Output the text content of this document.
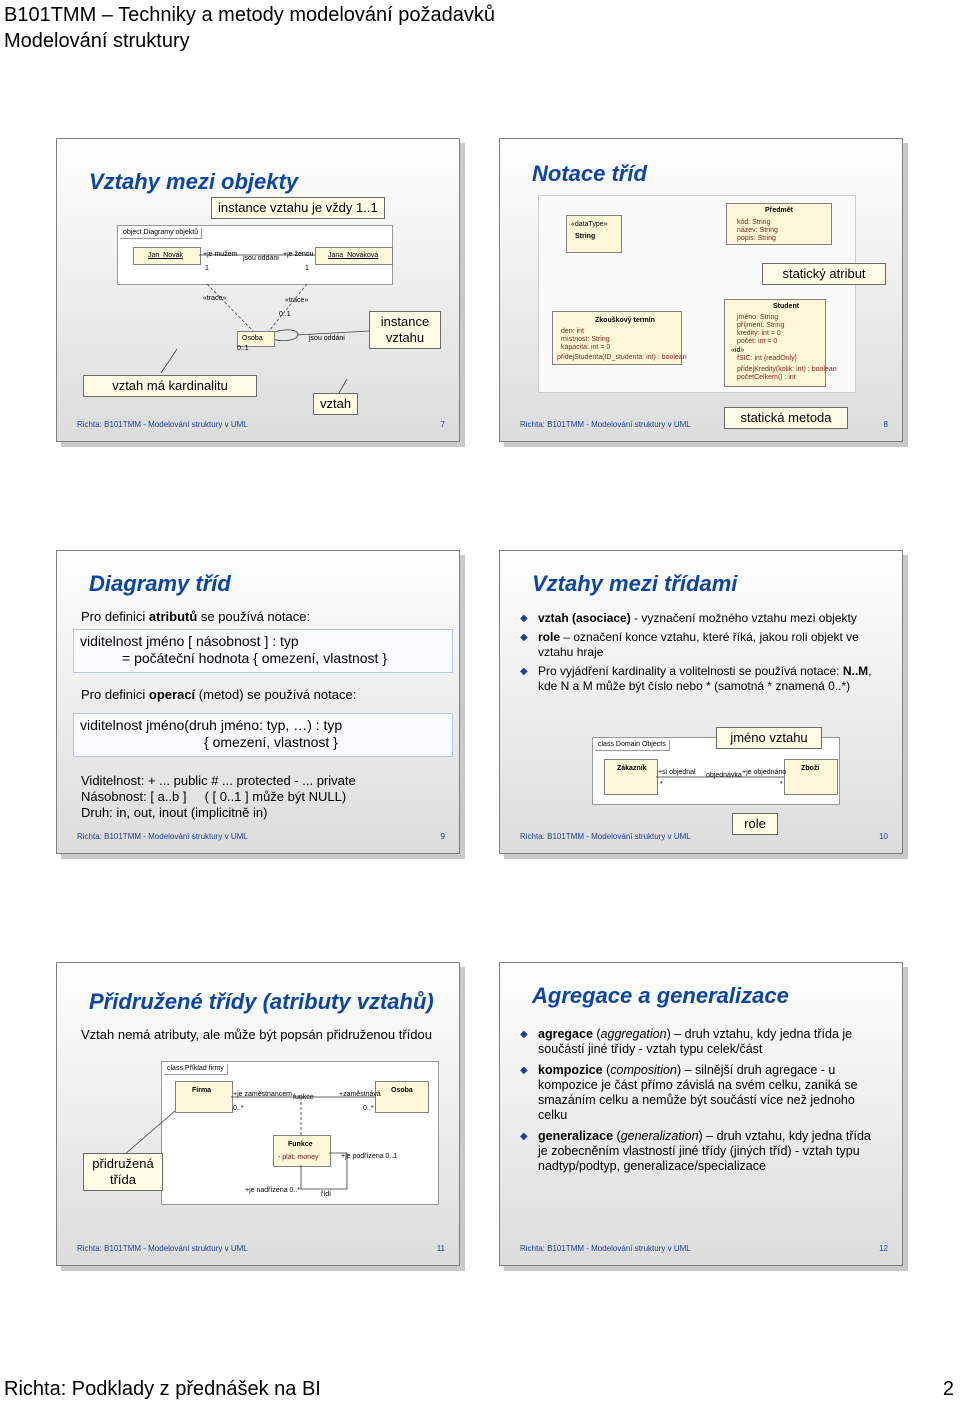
B101TMM – Techniky a metody modelování požadavků
Modelování struktury
Vztahy mezi objekty
instance vztahu je vždy 1..1
object Diagramy objektů
Jan_Novák	Jana_Nováková
+je mužem
jsou oddáni
+je ženou
1	1
«trace»	«trace»
Osoba
0..1
0..1
jsou oddáni
instance vztahu
vztah má kardinalitu
vztah
Richta: B101TMM - Modelování struktury v UML	7
Notace tříd
«dataType»
String
Předmět
kód: String
název: String
popis: String
statický atribut
Zkouškový termín
den: int
místnost: String
kapacita: int = 0
přidejStudenta(ID_studenta: int) : boolean
Student
jméno: String
příjmení: String
kredity: int = 0
počet: int = 0
«id»
fSIC: int {readOnly}
přidejKredity(kolik: int) : boolean
početCelkem() : int
statická metoda
Richta: B101TMM - Modelování struktury v UML	8
Diagramy tříd
Pro definici atributů se používá notace:
viditelnost jméno [ násobnost ] : typ
= počáteční hodnota { omezení, vlastnost }
Pro definici operací (metod) se používá notace:
viditelnost jméno(druh jméno: typ, …) : typ
{ omezení, vlastnost }
Viditelnost: + ... public # ... protected - ... private
Násobnost: [ a..b ]     ( [ 0..1 ] může být NULL)
Druh: in, out, inout (implicitně in)
Richta: B101TMM - Modelování struktury v UML	9
Vztahy mezi třídami
◆ vztah (asociace) - vyznačení možného vztahu mezi objekty
◆ role – označení konce vztahu, které říká, jakou roli objekt ve vztahu hraje
◆ Pro vyjádření kardinality a volitelnosti se používá notace: N..M, kde N a M může být číslo nebo * (samotná * znamená 0..*)
class Domain Objects
Zákazník	Zboží
+si objednal objednávka +je objednáno
*	*
jméno vztahu
role
Richta: B101TMM - Modelování struktury v UML	10
Přidružené třídy (atributy vztahů)
Vztah nemá atributy, ale může být popsán přidruženou třídou
class Příklad firmy
Firma	Osoba
Funkce
- plat: money
+je zaměstnancem funkce	+zaměstnává
0..*	0..*
+je podřízena 0..1
+je nadřízena 0..*
řídí
přidružená třída
Richta: B101TMM - Modelování struktury v UML	11
Agregace a generalizace
◆ agregace (aggregation) – druh vztahu, kdy jedna třída je součástí jiné třídy - vztah typu celek/část
◆ kompozice (composition) – silnější druh agregace - u kompozice je část přímo závislá na svém celku, zaniká se smazáním celku a nemůže být součástí více než jednoho celku
◆ generalizace (generalization) – druh vztahu, kdy jedna třída je zobecněním vlastností jiné třídy (jiných tříd) - vztah typu nadtyp/podtyp, generalizace/specializace
Richta: B101TMM - Modelování struktury v UML	12
Richta: Podklady z přednášek na BI	2
